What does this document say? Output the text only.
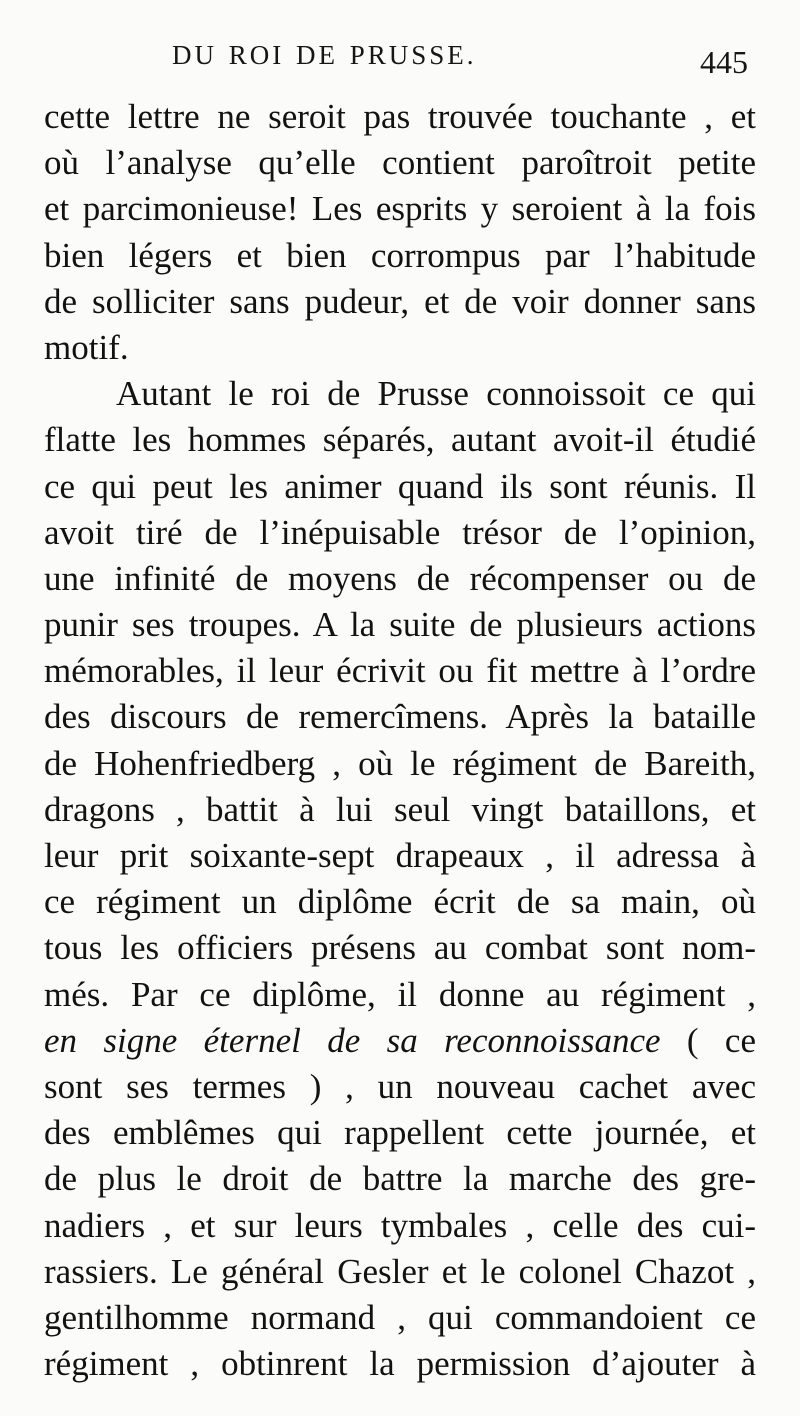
DU ROI DE PRUSSE.	445
cette lettre ne seroit pas trouvée touchante , et
où l’analyse qu’elle contient paroîtroit petite
et parcimonieuse! Les esprits y seroient à la fois
bien légers et bien corrompus par l’habitude
de solliciter sans pudeur, et de voir donner sans
motif.
Autant le roi de Prusse connoissoit ce qui
flatte les hommes séparés, autant avoit-il étudié
ce qui peut les animer quand ils sont réunis. Il
avoit tiré de l’inépuisable trésor de l’opinion,
une infinité de moyens de récompenser ou de
punir ses troupes. A la suite de plusieurs actions
mémorables, il leur écrivit ou fit mettre à l’ordre
des discours de remercîmens. Après la bataille
de Hohenfriedberg , où le régiment de Bareith,
dragons , battit à lui seul vingt bataillons, et
leur prit soixante-sept drapeaux , il adressa à
ce régiment un diplôme écrit de sa main, où
tous les officiers présens au combat sont nom-
més. Par ce diplôme, il donne au régiment ,
en signe éternel de sa reconnoissance ( ce
sont ses termes ) , un nouveau cachet avec
des emblêmes qui rappellent cette journée, et
de plus le droit de battre la marche des gre-
nadiers , et sur leurs tymbales , celle des cui-
rassiers. Le général Gesler et le colonel Chazot ,
gentilhomme normand , qui commandoient ce
régiment , obtinrent la permission d’ajouter à
